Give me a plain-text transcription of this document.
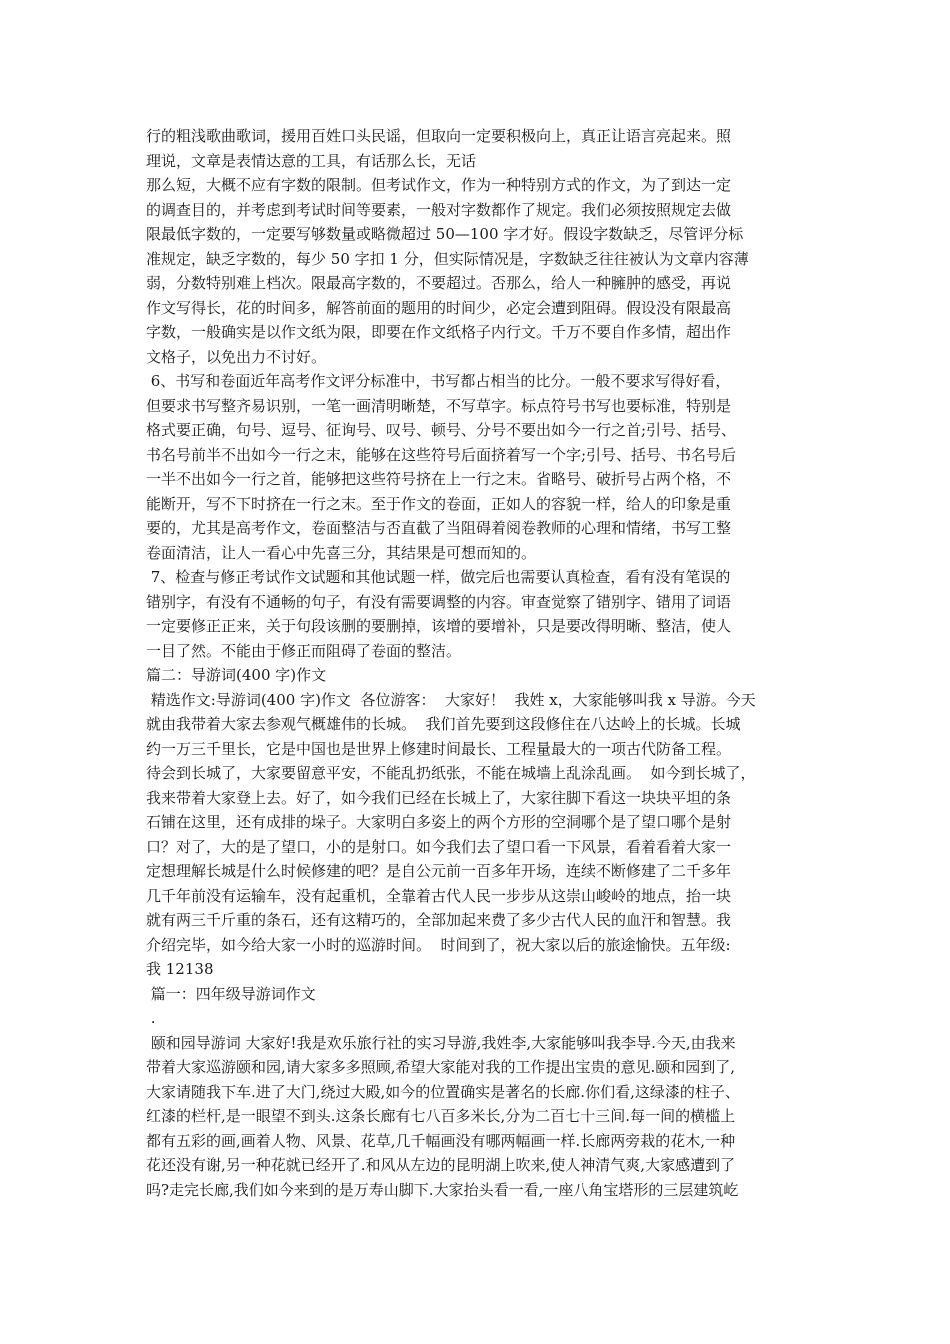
行的粗浅歌曲歌词，援用百姓口头民谣，但取向一定要积极向上，真正让语言亮起来。照
理说，文章是表情达意的工具，有话那么长，无话
那么短，大概不应有字数的限制。但考试作文，作为一种特别方式的作文，为了到达一定
的调查目的，并考虑到考试时间等要素，一般对字数都作了规定。我们必须按照规定去做
限最低字数的，一定要写够数量或略微超过 50—100 字才好。假设字数缺乏，尽管评分标
准规定，缺乏字数的，每少 50 字扣 1 分，但实际情况是，字数缺乏往往被认为文章内容薄
弱，分数特别难上档次。限最高字数的，不要超过。否那么，给人一种臃肿的感受，再说
作文写得长，花的时间多，解答前面的题用的时间少，必定会遭到阻碍。假设没有限最高
字数，一般确实是以作文纸为限，即要在作文纸格子内行文。千万不要自作多情，超出作
文格子，以免出力不讨好。
6、书写和卷面近年高考作文评分标准中，书写都占相当的比分。一般不要求写得好看，
但要求书写整齐易识别，一笔一画清明晰楚，不写草字。标点符号书写也要标准，特别是
格式要正确，句号、逗号、征询号、叹号、顿号、分号不要出如今一行之首;引号、括号、
书名号前半不出如今一行之末，能够在这些符号后面挤着写一个字;引号、括号、书名号后
一半不出如今一行之首，能够把这些符号挤在上一行之末。省略号、破折号占两个格，不
能断开，写不下时挤在一行之末。至于作文的卷面，正如人的容貌一样，给人的印象是重
要的，尤其是高考作文，卷面整洁与否直截了当阻碍着阅卷教师的心理和情绪，书写工整
卷面清洁，让人一看心中先喜三分，其结果是可想而知的。
7、检查与修正考试作文试题和其他试题一样，做完后也需要认真检查，看有没有笔误的
错别字，有没有不通畅的句子，有没有需要调整的内容。审查觉察了错别字、错用了词语
一定要修正正来，关于句段该删的要删掉，该增的要增补，只是要改得明晰、整洁，使人
一目了然。不能由于修正而阻碍了卷面的整洁。
篇二：导游词(400 字)作文
精选作文:导游词(400 字)作文  各位游客：  大家好！  我姓 x，大家能够叫我 x 导游。今天
就由我带着大家去参观气概雄伟的长城。  我们首先要到这段修住在八达岭上的长城。长城
约一万三千里长，它是中国也是世界上修建时间最长、工程量最大的一项古代防备工程。
待会到长城了，大家要留意平安，不能乱扔纸张，不能在城墙上乱涂乱画。  如今到长城了，
我来带着大家登上去。好了，如今我们已经在长城上了，大家往脚下看这一块块平坦的条
石铺在这里，还有成排的垛子。大家明白多姿上的两个方形的空洞哪个是了望口哪个是射
口？对了，大的是了望口，小的是射口。如今我们去了望口看一下风景，看着看着大家一
定想理解长城是什么时候修建的吧？是自公元前一百多年开场，连续不断修建了二千多年
几千年前没有运输车，没有起重机，全靠着古代人民一步步从这崇山峻岭的地点，抬一块
就有两三千斤重的条石，还有这精巧的，全部加起来费了多少古代人民的血汗和智慧。我
介绍完毕，如今给大家一小时的巡游时间。  时间到了，祝大家以后的旅途愉快。五年级:
我 12138
篇一：四年级导游词作文
.
颐和园导游词 大家好!我是欢乐旅行社的实习导游,我姓李,大家能够叫我李导.今天,由我来
带着大家巡游颐和园,请大家多多照顾,希望大家能对我的工作提出宝贵的意见.颐和园到了,
大家请随我下车.进了大门,绕过大殿,如今的位置确实是著名的长廊.你们看,这绿漆的柱子、
红漆的栏杆,是一眼望不到头.这条长廊有七八百多米长,分为二百七十三间.每一间的横槛上
都有五彩的画,画着人物、风景、花草,几千幅画没有哪两幅画一样.长廊两旁栽的花木,一种
花还没有谢,另一种花就已经开了.和风从左边的昆明湖上吹来,使人神清气爽,大家感遭到了
吗?走完长廊,我们如今来到的是万寿山脚下.大家抬头看一看,一座八角宝塔形的三层建筑屹
